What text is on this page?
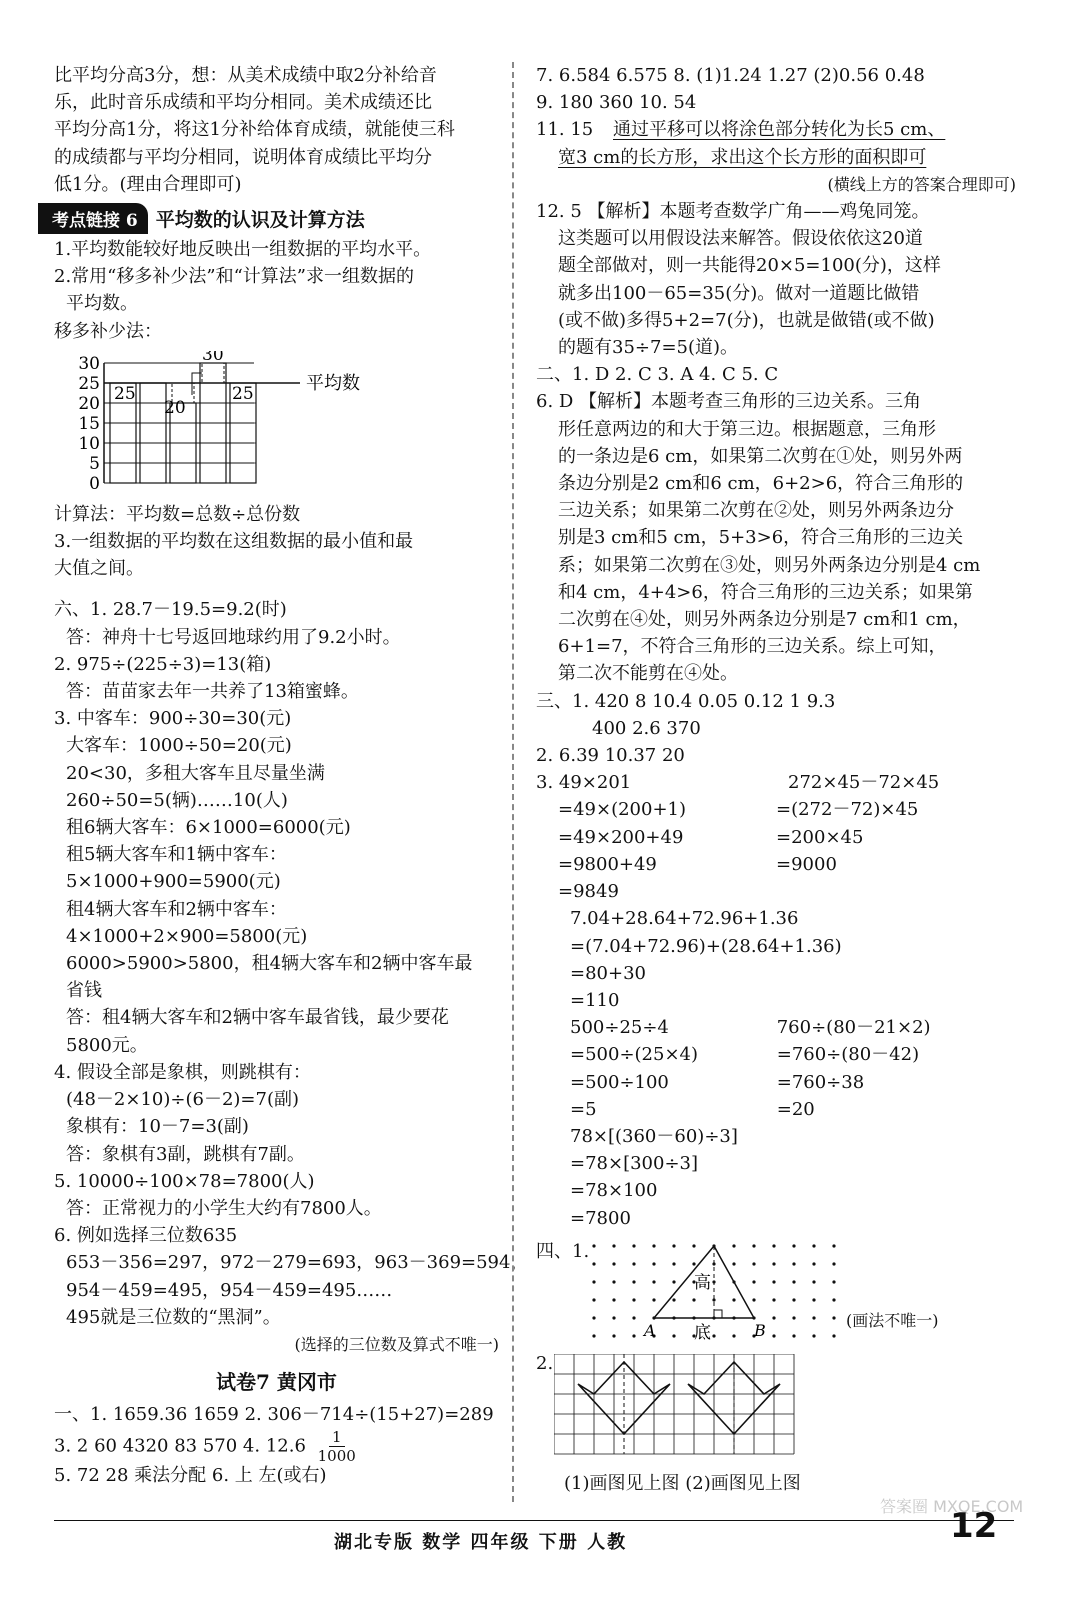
比平均分高3分，想：从美术成绩中取2分补给音
乐，此时音乐成绩和平均分相同。美术成绩还比
平均分高1分，将这1分补给体育成绩，就能使三科
的成绩都与平均分相同，说明体育成绩比平均分
低1分。(理由合理即可)
考点链接 6 平均数的认识及计算方法
1.平均数能较好地反映出一组数据的平均水平。
2.常用“移多补少法”和“计算法”求一组数据的
平均数。
移多补少法：
0
5
10
15
20
25
30
25
20
30
25	平均数
计算法：平均数=总数÷总份数
3.一组数据的平均数在这组数据的最小值和最
大值之间。
六、1. 28.7－19.5=9.2(时)
答：神舟十七号返回地球约用了9.2小时。
2. 975÷(225÷3)=13(箱)
答：苗苗家去年一共养了13箱蜜蜂。
3. 中客车：900÷30=30(元)
大客车：1000÷50=20(元)
20<30，多租大客车且尽量坐满
260÷50=5(辆)……10(人)
租6辆大客车：6×1000=6000(元)
租5辆大客车和1辆中客车：
5×1000+900=5900(元)
租4辆大客车和2辆中客车：
4×1000+2×900=5800(元)
6000>5900>5800，租4辆大客车和2辆中客车最
省钱
答：租4辆大客车和2辆中客车最省钱，最少要花
5800元。
4. 假设全部是象棋，则跳棋有：
(48－2×10)÷(6－2)=7(副)
象棋有：10－7=3(副)
答：象棋有3副，跳棋有7副。
5. 10000÷100×78=7800(人)
答：正常视力的小学生大约有7800人。
6. 例如选择三位数635
653－356=297，972－279=693，963－369=594，
954－459=495，954－459=495……
495就是三位数的“黑洞”。
(选择的三位数及算式不唯一)
试卷7 黄冈市
一、1. 1659.36 1659 2. 306－714÷(15+27)=289
3. 2 60 4320 83 570 4. $12.6 \frac{1}{1000}$
5. 72 28 乘法分配 6. 上 左(或右)
7. 6.584 6.575 8. (1)1.24 1.27 (2)0.56 0.48
9. 180 360 10. 54
11. 15 通过平移可以将涂色部分转化为长5 cm、
宽3 cm的长方形，求出这个长方形的面积即可
(横线上方的答案合理即可)
12. 5 【解析】本题考查数学广角——鸡兔同笼。
这类题可以用假设法来解答。假设依依这20道
题全部做对，则一共能得20×5=100(分)，这样
就多出100－65=35(分)。做对一道题比做错
(或不做)多得5+2=7(分)，也就是做错(或不做)
的题有35÷7=5(道)。
二、1. D 2. C 3. A 4. C 5. C
6. D 【解析】本题考查三角形的三边关系。三角
形任意两边的和大于第三边。根据题意，三角形
的一条边是6 cm，如果第二次剪在①处，则另外两
条边分别是2 cm和6 cm，6+2>6，符合三角形的
三边关系；如果第二次剪在②处，则另外两条边分
别是3 cm和5 cm，5+3>6，符合三角形的三边关
系；如果第二次剪在③处，则另外两条边分别是4 cm
和4 cm，4+4>6，符合三角形的三边关系；如果第
二次剪在④处，则另外两条边分别是7 cm和1 cm，
6+1=7，不符合三角形的三边关系。综上可知，
第二次不能剪在④处。
三、1. 420 8 10.4 0.05 0.12 1 9.3
400 2.6 370
2. 6.39 10.37 20
3. 49×201
=49×(200+1)
=49×200+49
=9800+49
=9849
272×45－72×45
=(272－72)×45
=200×45
=9000
7.04+28.64+72.96+1.36
=(7.04+72.96)+(28.64+1.36)
=80+30
=110
500÷25÷4
=500÷(25×4)
=500÷100
=5
760÷(80－21×2)
=760÷(80－42)
=760÷38
=20
78×[(360－60)÷3]
=78×[300÷3]
=78×100
=7800
四、1.
高
底
A	B
(画法不唯一)
2.
(1)画图见上图 (2)画图见上图
湖北专版 数学 四年级 下册 人教
答案圈 MXQE.COM
12
